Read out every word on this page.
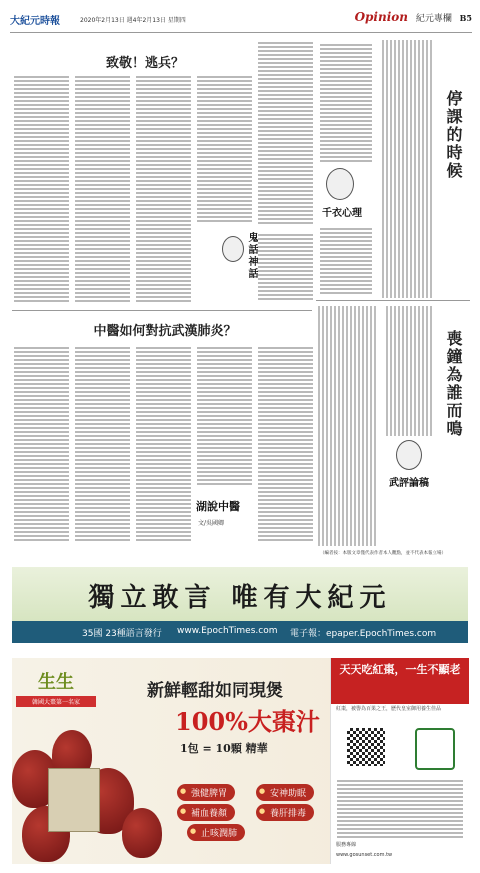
大紀元時報	2020年2月13日 週4年2月13日 星期四	Opinion 紀元專欄 B5
致敬！逃兵？
鬼話神話
中醫如何對抗武漢肺炎？
湖說中醫
文/吳國卿
千衣心理
停課的時候
武評論稿
喪鐘為誰而鳴
（編者按：本版文章僅代表作者本人觀點，並不代表本報立場）
獨立敢言 唯有大紀元
35國 23種語言發行 www.EpochTimes.com 電子報：epaper.EpochTimes.com
生生
韓國大棗第一名家
新鮮輕甜如同現煲
100%大棗汁
1包 = 10顆 精華
● 強健脾胃	● 安神助眠
● 補血養顏	● 養肝排毒
● 止咳潤肺
天天吃紅棗，一生不顯老
紅棗，被譽為百果之王，歷代皇室御用養生佳品
服務專線
www.gosunset.com.tw
